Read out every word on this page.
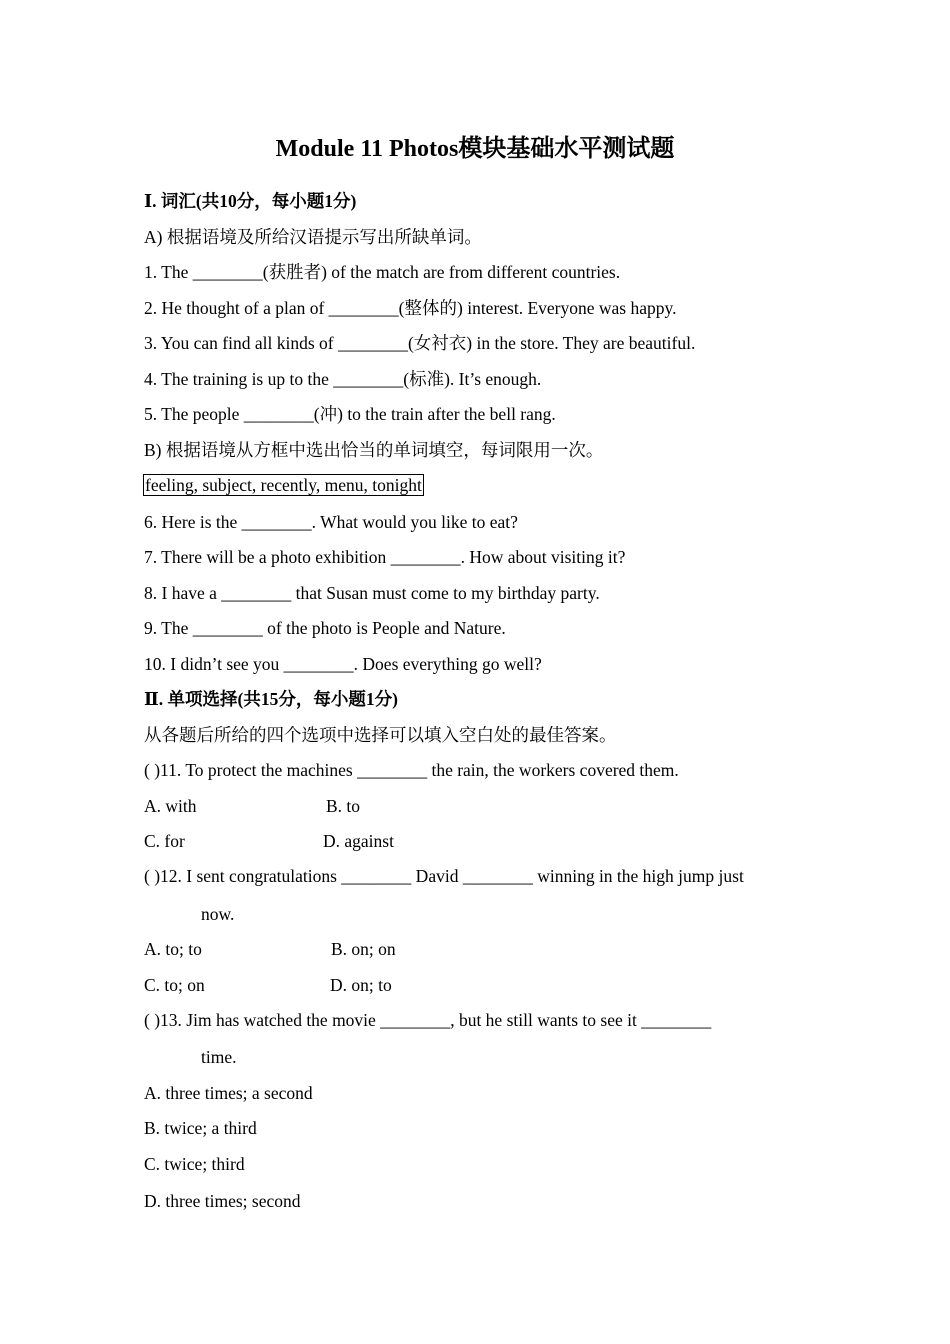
Module 11 Photos模块基础水平测试题
Ⅰ. 词汇(共10分，每小题1分)
A) 根据语境及所给汉语提示写出所缺单词。
1. The ________(获胜者) of the match are from different countries.
2. He thought of a plan of ________(整体的) interest. Everyone was happy.
3. You can find all kinds of ________(女衬衣) in the store. They are beautiful.
4. The training is up to the ________(标准). It’s enough.
5. The people ________(冲) to the train after the bell rang.
B) 根据语境从方框中选出恰当的单词填空，每词限用一次。
feeling, subject, recently, menu, tonight
6. Here is the ________. What would you like to eat?
7. There will be a photo exhibition ________. How about visiting it?
8. I have a ________ that Susan must come to my birthday party.
9. The ________ of the photo is People and Nature.
10. I didn’t see you ________. Does everything go well?
Ⅱ. 单项选择(共15分，每小题1分)
从各题后所给的四个选项中选择可以填入空白处的最佳答案。
( )11. To protect the machines ________ the rain, the workers covered them.
A. with	B. to
C. for	D. against
( )12. I sent congratulations ________ David ________ winning in the high jump just
now.
A. to; to	B. on; on
C. to; on	D. on; to
( )13. Jim has watched the movie ________, but he still wants to see it ________
time.
A. three times; a second
B. twice; a third
C. twice; third
D. three times; second
